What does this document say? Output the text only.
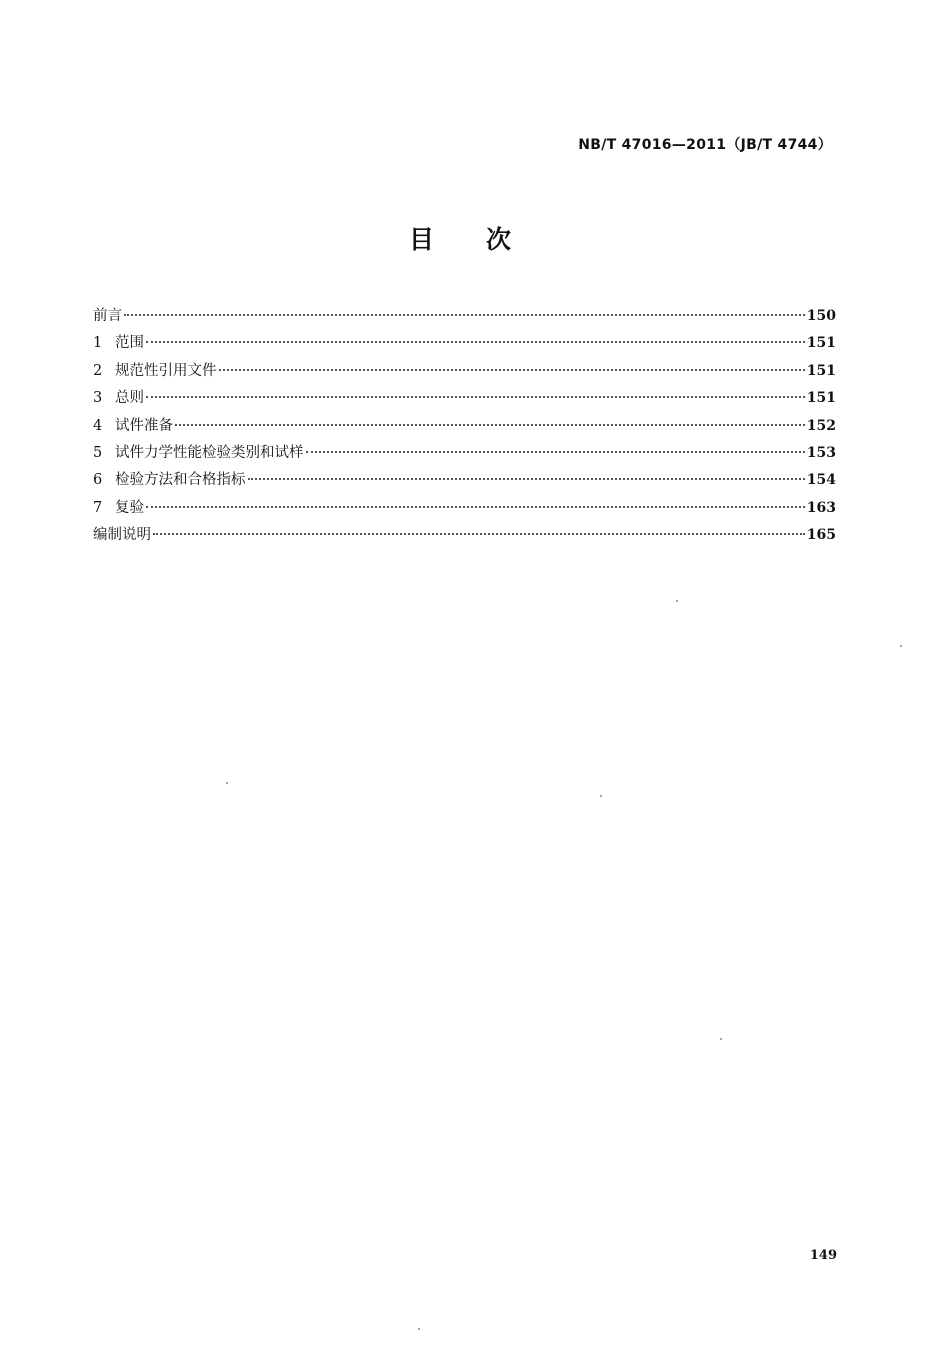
NB/T 47016—2011（JB/T 4744）
目次
前言	150
1 范围	151
2 规范性引用文件	151
3 总则	151
4 试件准备	152
5 试件力学性能检验类别和试样	153
6 检验方法和合格指标	154
7 复验	163
编制说明	165
149
